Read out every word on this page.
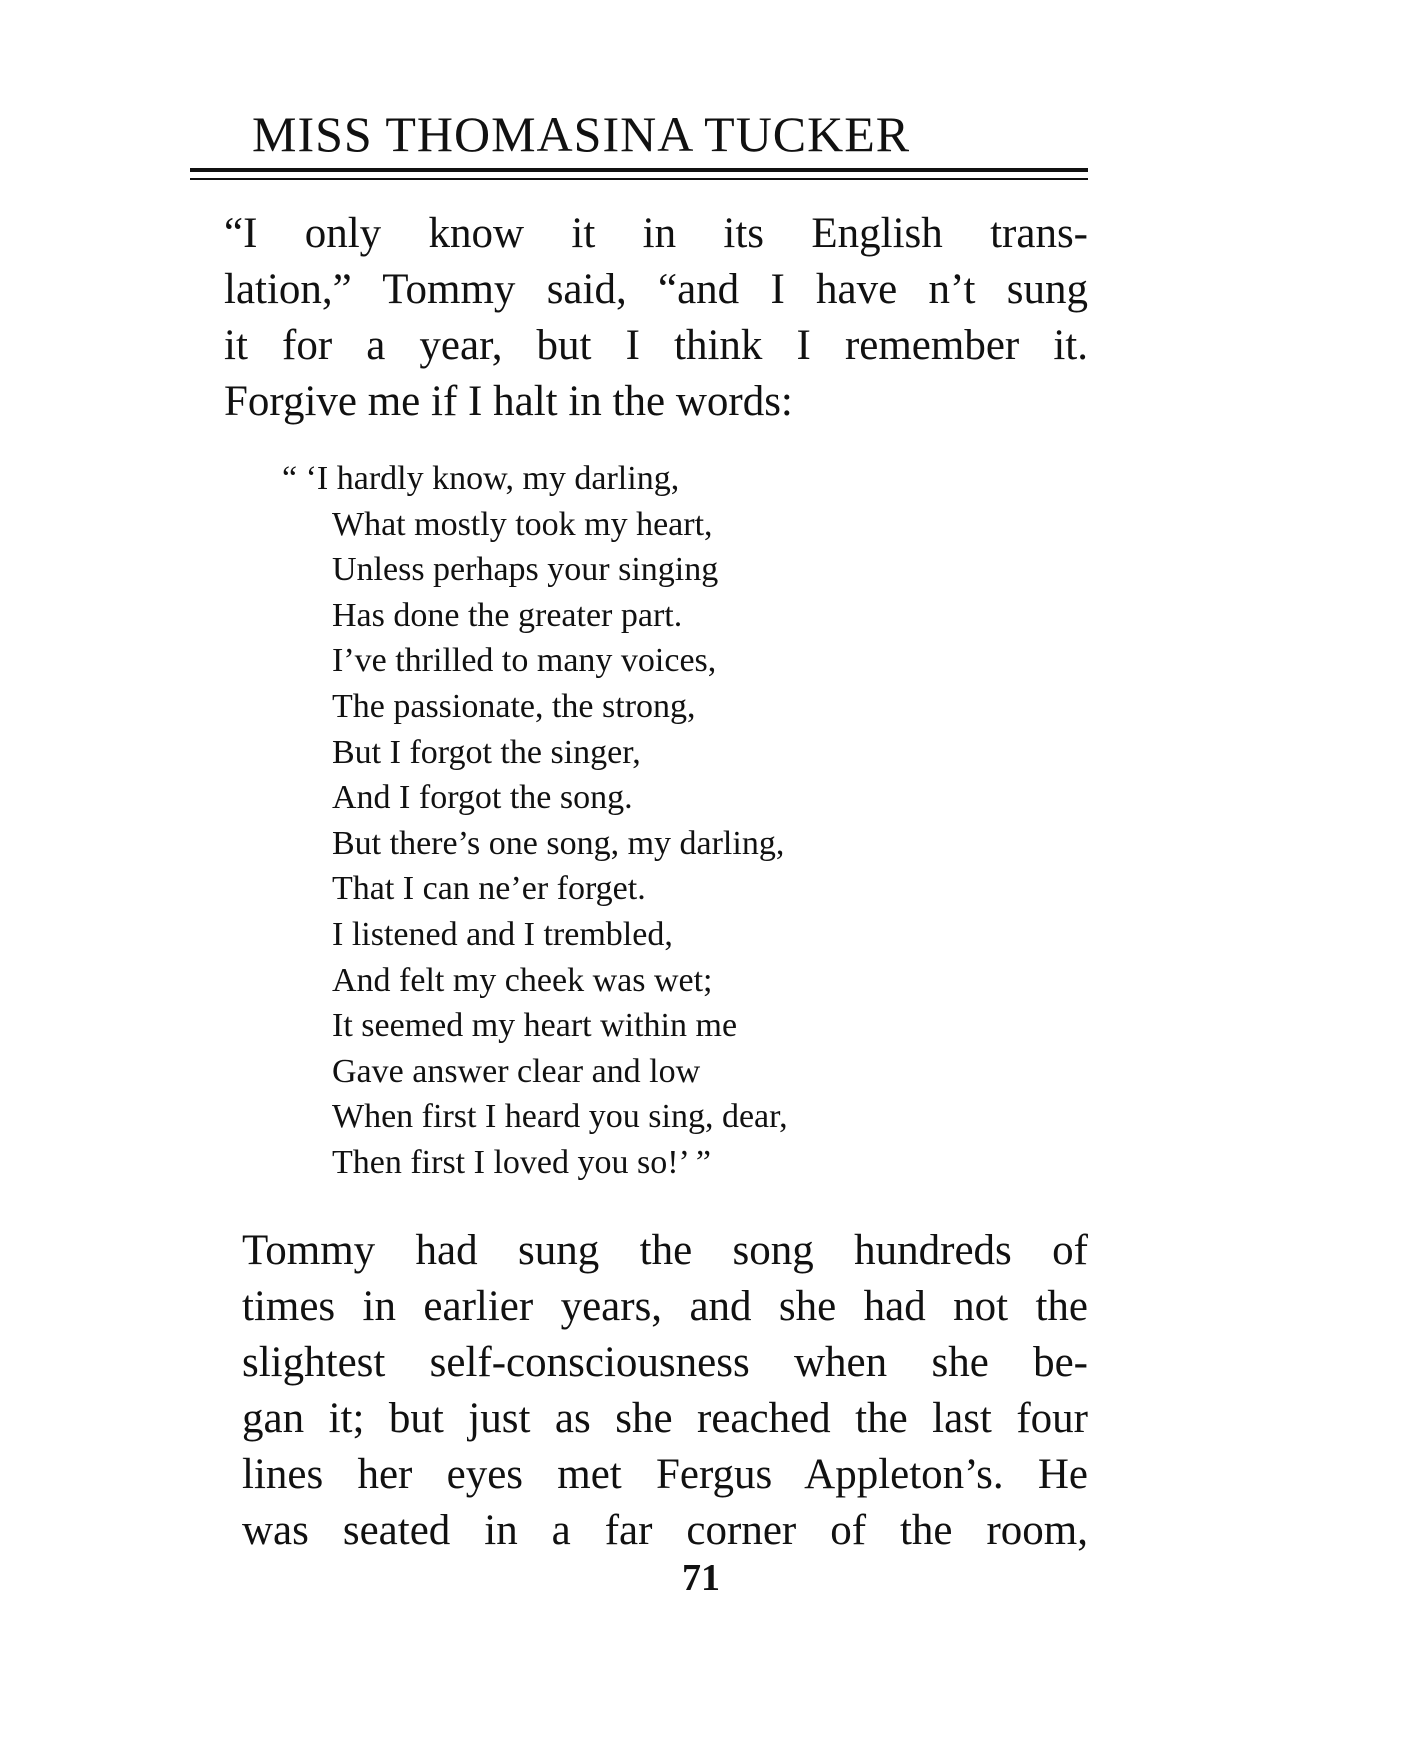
MISS THOMASINA TUCKER

“I only know it in its English trans-
lation,” Tommy said, “and I have n’t sung
it for a year, but I think I remember it.
Forgive me if I halt in the words:

“ ‘I hardly know, my darling,
What mostly took my heart,
Unless perhaps your singing
Has done the greater part.
I’ve thrilled to many voices,
The passionate, the strong,
But I forgot the singer,
And I forgot the song.
But there’s one song, my darling,
That I can ne’er forget.
I listened and I trembled,
And felt my cheek was wet;
It seemed my heart within me
Gave answer clear and low
When first I heard you sing, dear,
Then first I loved you so!’ ”

Tommy had sung the song hundreds of
times in earlier years, and she had not the
slightest self-consciousness when she be-
gan it; but just as she reached the last four
lines her eyes met Fergus Appleton’s. He
was seated in a far corner of the room,

71
